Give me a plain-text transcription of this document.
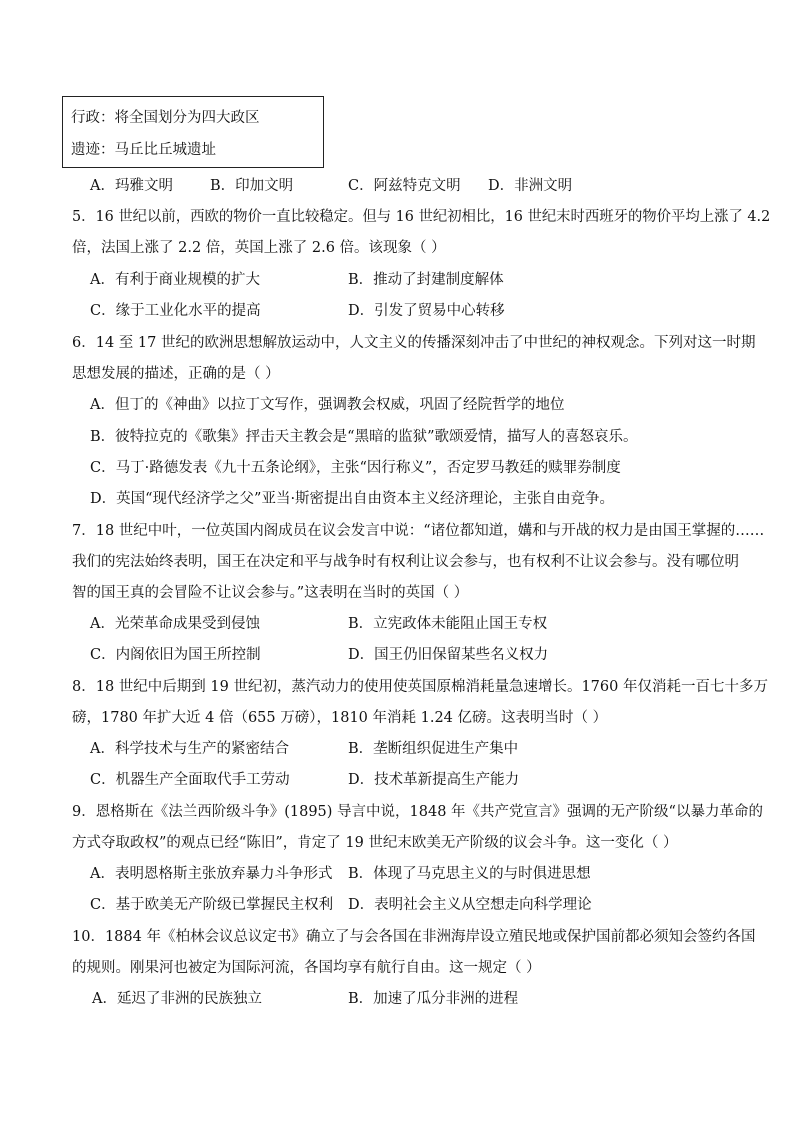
行政：将全国划分为四大政区
遗迹：马丘比丘城遗址
A．玛雅文明	B．印加文明	C．阿兹特克文明 D．非洲文明
5．16 世纪以前，西欧的物价一直比较稳定。但与 16 世纪初相比，16 世纪末时西班牙的物价平均上涨了 4.2
倍，法国上涨了 2.2 倍，英国上涨了 2.6 倍。该现象（ ）
A．有利于商业规模的扩大	B．推动了封建制度解体
C．缘于工业化水平的提高	D．引发了贸易中心转移
6．14 至 17 世纪的欧洲思想解放运动中，人文主义的传播深刻冲击了中世纪的神权观念。下列对这一时期
思想发展的描述，正确的是（ ）
A．但丁的《神曲》以拉丁文写作，强调教会权威，巩固了经院哲学的地位
B．彼特拉克的《歌集》抨击天主教会是“黑暗的监狱”歌颂爱情，描写人的喜怒哀乐。
C．马丁·路德发表《九十五条论纲》，主张“因行称义”，否定罗马教廷的赎罪券制度
D．英国“现代经济学之父”亚当·斯密提出自由资本主义经济理论，主张自由竞争。
7．18 世纪中叶，一位英国内阁成员在议会发言中说：“诸位都知道，媾和与开战的权力是由国王掌握的……
我们的宪法始终表明，国王在决定和平与战争时有权利让议会参与，也有权利不让议会参与。没有哪位明
智的国王真的会冒险不让议会参与。”这表明在当时的英国（ ）
A．光荣革命成果受到侵蚀	B．立宪政体未能阻止国王专权
C．内阁依旧为国王所控制	D．国王仍旧保留某些名义权力
8．18 世纪中后期到 19 世纪初，蒸汽动力的使用使英国原棉消耗量急速增长。1760 年仅消耗一百七十多万
磅，1780 年扩大近 4 倍（655 万磅），1810 年消耗 1.24 亿磅。这表明当时（ ）
A．科学技术与生产的紧密结合	B．垄断组织促进生产集中
C．机器生产全面取代手工劳动	D．技术革新提高生产能力
9．恩格斯在《法兰西阶级斗争》(1895) 导言中说，1848 年《共产党宣言》强调的无产阶级“以暴力革命的
方式夺取政权”的观点已经“陈旧”，肯定了 19 世纪末欧美无产阶级的议会斗争。这一变化（ ）
A．表明恩格斯主张放弃暴力斗争形式 B．体现了马克思主义的与时俱进思想
C．基于欧美无产阶级已掌握民主权利 D．表明社会主义从空想走向科学理论
10．1884 年《柏林会议总议定书》确立了与会各国在非洲海岸设立殖民地或保护国前都必须知会签约各国
的规则。刚果河也被定为国际河流，各国均享有航行自由。这一规定（ ）
A．延迟了非洲的民族独立	B．加速了瓜分非洲的进程
